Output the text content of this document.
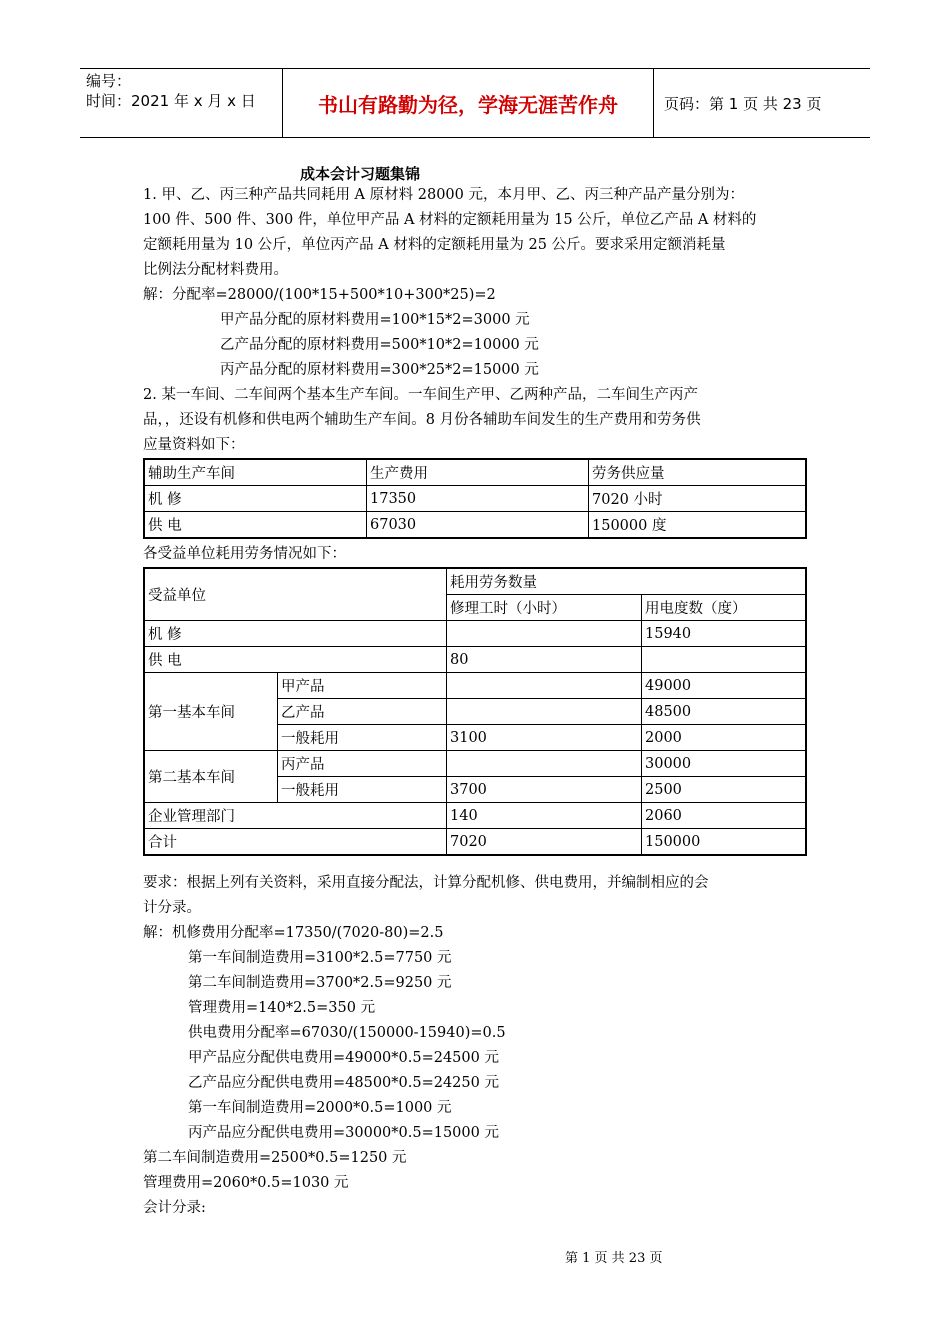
编号：
时间：2021 年 x 月 x 日	书山有路勤为径，学海无涯苦作舟	页码：第 1 页 共 23 页
成本会计习题集锦
1. 甲、乙、丙三种产品共同耗用 A 原材料 28000 元，本月甲、乙、丙三种产品产量分别为：
100 件、500 件、300 件，单位甲产品 A 材料的定额耗用量为 15 公斤，单位乙产品 A 材料的
定额耗用量为 10 公斤，单位丙产品 A 材料的定额耗用量为 25 公斤。要求采用定额消耗量
比例法分配材料费用。
解：分配率=28000/(100*15+500*10+300*25)=2
甲产品分配的原材料费用=100*15*2=3000 元
乙产品分配的原材料费用=500*10*2=10000 元
丙产品分配的原材料费用=300*25*2=15000 元
2. 某一车间、二车间两个基本生产车间。一车间生产甲、乙两种产品，二车间生产丙产
品，，还设有机修和供电两个辅助生产车间。8 月份各辅助车间发生的生产费用和劳务供
应量资料如下：
辅助生产车间	生产费用	劳务供应量
机 修	17350	7020 小时
供 电	67030	150000 度
各受益单位耗用劳务情况如下：
受益单位		耗用劳务数量	
		修理工时（小时）	用电度数（度）
机 修			15940
供 电		80	
第一基本车间	甲产品		49000
	乙产品		48500
	一般耗用	3100	2000
第二基本车间	丙产品		30000
	一般耗用	3700	2500
企业管理部门		140	2060
合计		7020	150000
要求：根据上列有关资料，采用直接分配法，计算分配机修、供电费用，并编制相应的会
计分录。
解：机修费用分配率=17350/(7020-80)=2.5
第一车间制造费用=3100*2.5=7750 元
第二车间制造费用=3700*2.5=9250 元
管理费用=140*2.5=350 元
供电费用分配率=67030/(150000-15940)=0.5
甲产品应分配供电费用=49000*0.5=24500 元
乙产品应分配供电费用=48500*0.5=24250 元
第一车间制造费用=2000*0.5=1000 元
丙产品应分配供电费用=30000*0.5=15000 元
第二车间制造费用=2500*0.5=1250 元
管理费用=2060*0.5=1030 元
会计分录:
第 1 页 共 23 页
